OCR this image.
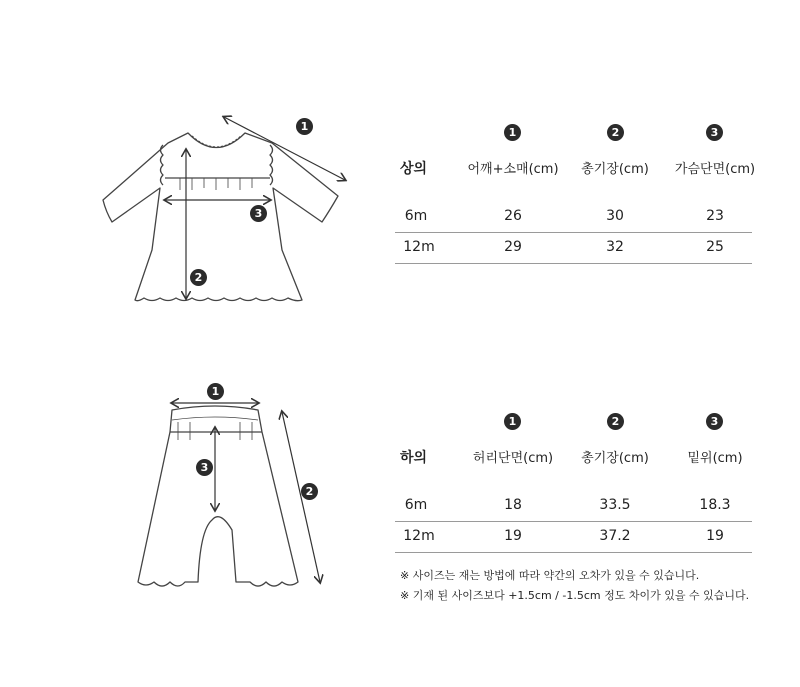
1
2
3
1
2
3
1	2	3
상의	어깨+소매(cm)	총기장(cm)	가슴단면(cm)
6m	26	30	23
12m	29	32	25
1	2	3
하의	허리단면(cm)	총기장(cm)	밑위(cm)
6m	18	33.5	18.3
12m	19	37.2	19
※ 사이즈는 재는 방법에 따라 약간의 오차가 있을 수 있습니다.
※ 기재 된 사이즈보다 +1.5cm / -1.5cm 정도 차이가 있을 수 있습니다.
